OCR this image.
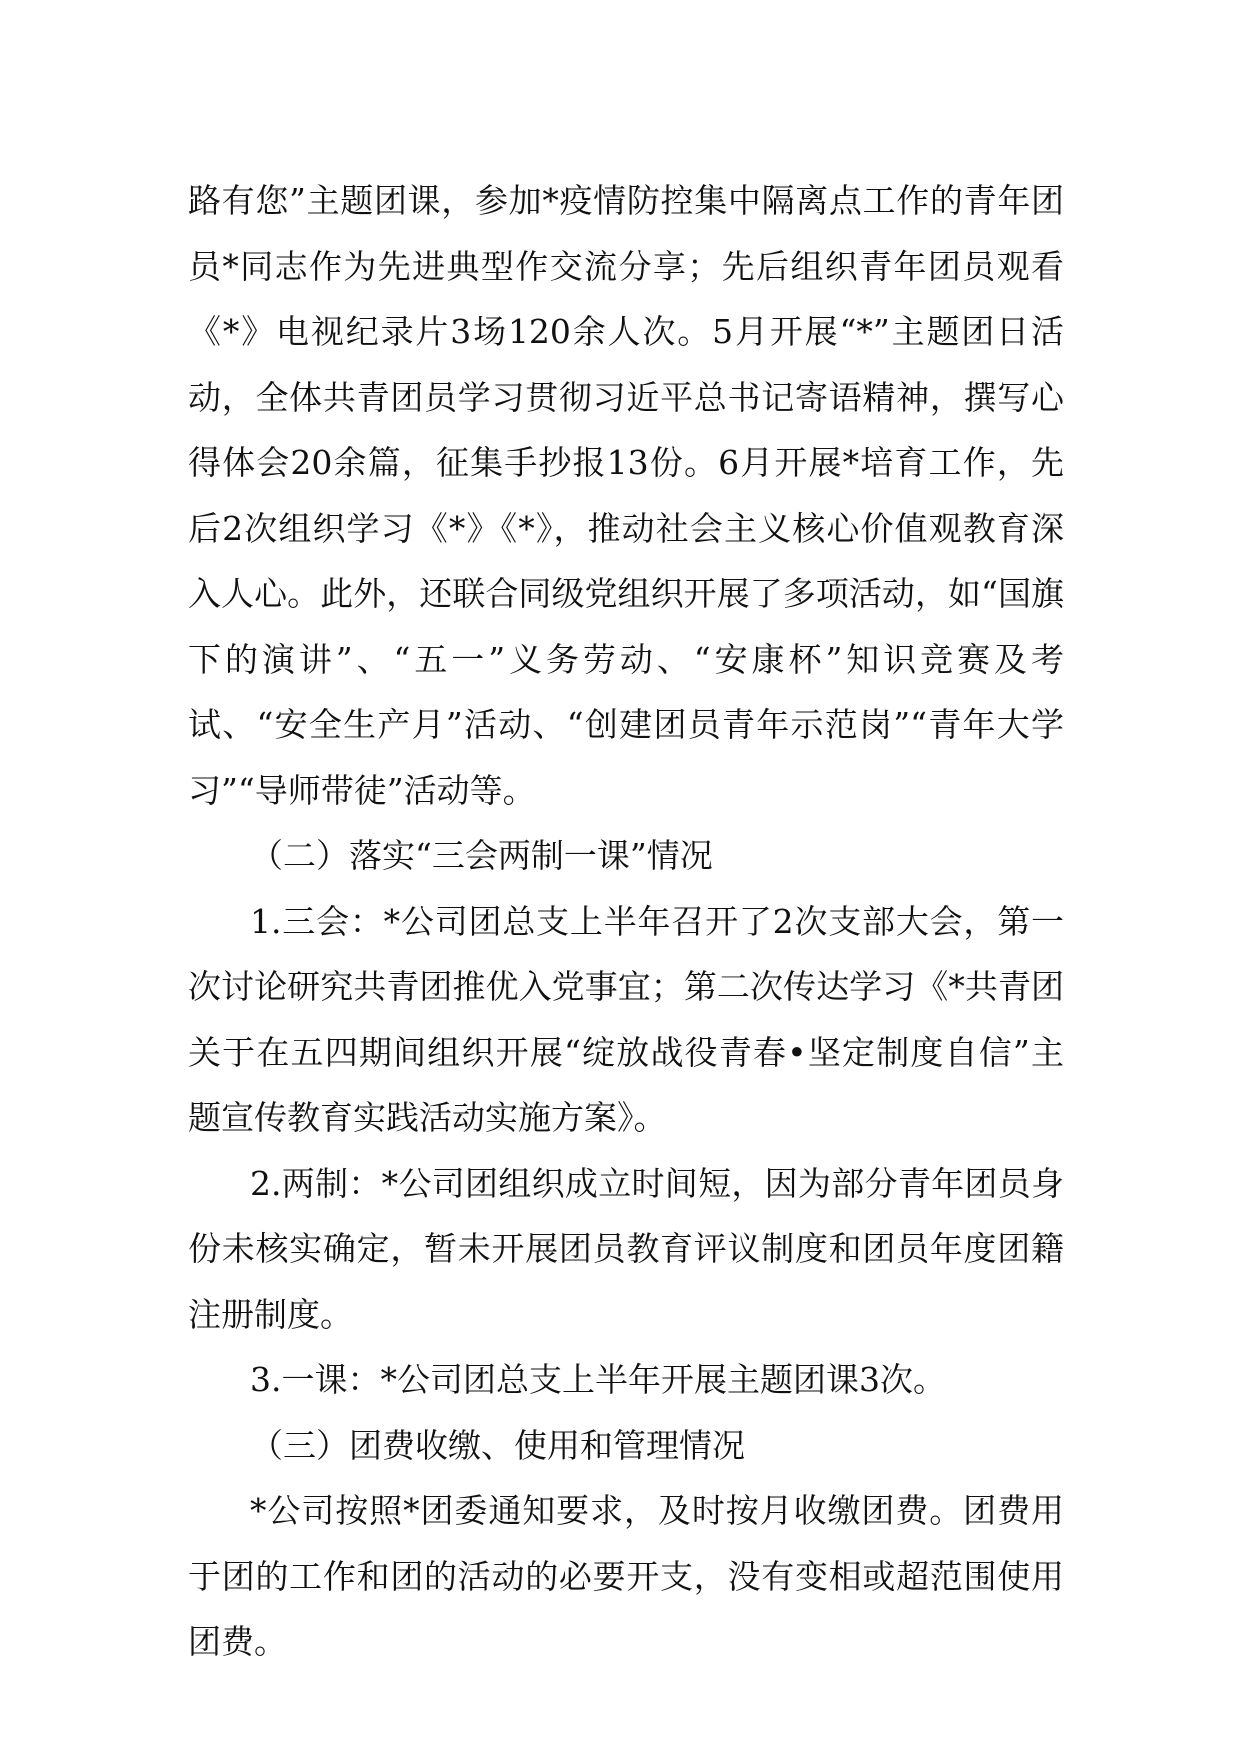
路有您”主题团课，参加*疫情防控集中隔离点工作的青年团员*同志作为先进典型作交流分享；先后组织青年团员观看《*》电视纪录片3场120余人次。5月开展“*”主题团日活动，全体共青团员学习贯彻习近平总书记寄语精神，撰写心得体会20余篇，征集手抄报13份。6月开展*培育工作，先后2次组织学习《*》《*》，推动社会主义核心价值观教育深入人心。此外，还联合同级党组织开展了多项活动，如“国旗下的演讲”、“五一”义务劳动、“安康杯”知识竞赛及考试、“安全生产月”活动、“创建团员青年示范岗”“青年大学习”“导师带徒”活动等。

（二）落实“三会两制一课”情况

1.三会：*公司团总支上半年召开了2次支部大会，第一次讨论研究共青团推优入党事宜；第二次传达学习《*共青团关于在五四期间组织开展“绽放战役青春•坚定制度自信”主题宣传教育实践活动实施方案》。

2.两制：*公司团组织成立时间短，因为部分青年团员身份未核实确定，暂未开展团员教育评议制度和团员年度团籍注册制度。

3.一课：*公司团总支上半年开展主题团课3次。

（三）团费收缴、使用和管理情况

*公司按照*团委通知要求，及时按月收缴团费。团费用于团的工作和团的活动的必要开支，没有变相或超范围使用团费。
